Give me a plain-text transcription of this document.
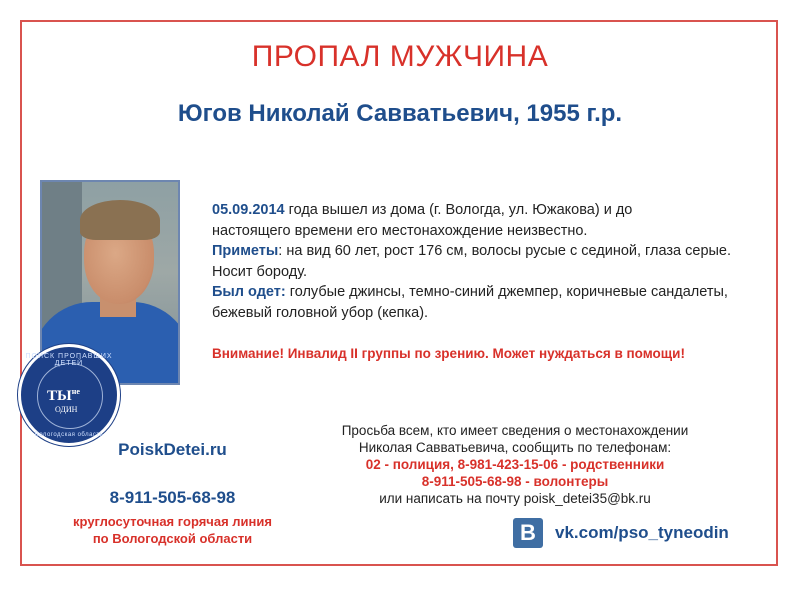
ПРОПАЛ МУЖЧИНА
Югов Николай Савватьевич, 1955 г.р.
ПОИСК ПРОПАВШИХ ДЕТЕЙ
$ТЫ^{не}$
ОДИН
Вологодская область
05.09.2014 года вышел из дома (г. Вологда, ул. Южакова) и до
настоящего времени его местонахождение неизвестно.
Приметы: на вид 60 лет, рост 176 см, волосы русые с сединой, глаза серые. Носит бороду.
Был одет: голубые джинсы, темно-синий джемпер, коричневые сандалеты, бежевый головной убор (кепка).
Внимание! Инвалид II группы по зрению. Может нуждаться в помощи!
PoiskDetei.ru
8-911-505-68-98
круглосуточная горячая линия
по Вологодской области
Просьба всем, кто имеет сведения о местонахождении
Николая Савватьевича, сообщить по телефонам:
02 - полиция, 8-981-423-15-06 - родственники
8-911-505-68-98 - волонтеры
или написать на почту poisk_detei35@bk.ru
В	vk.com/pso_tyneodin
